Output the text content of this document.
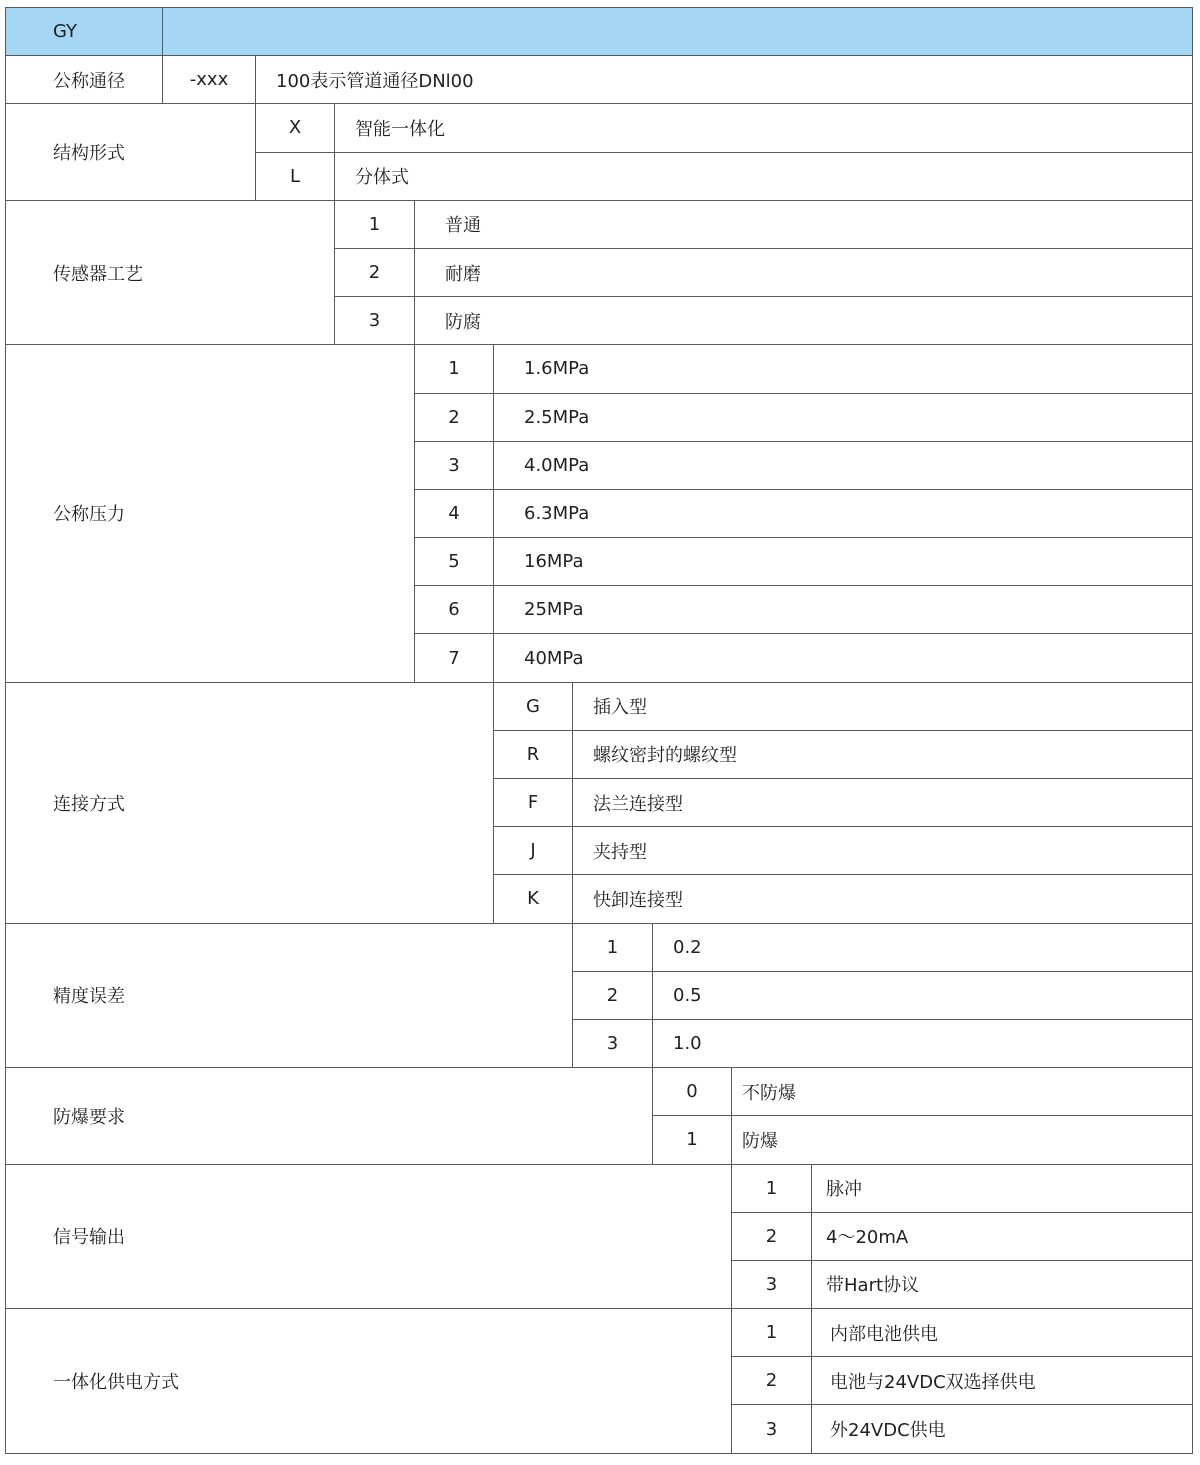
GY									
公称通径	-xxx	100表示管道通径DNl00							
结构形式		X	智能一体化						
		L	分体式						
传感器工艺			1	普通					
			2	耐磨					
			3	防腐					
公称压力				1	1.6MPa				
				2	2.5MPa				
				3	4.0MPa				
				4	6.3MPa				
				5	16MPa				
				6	25MPa				
				7	40MPa				
连接方式					G	插入型			
					R	螺纹密封的螺纹型			
					F	法兰连接型			
					J	夹持型			
					K	快卸连接型			
精度误差						1	0.2		
						2	0.5		
						3	1.0		
防爆要求							0	不防爆	
							1	防爆	
信号输出								1	脉冲
								2	4～20mA
								3	带Hart协议
一体化供电方式								1	内部电池供电
								2	电池与24VDC双选择供电
								3	外24VDC供电
